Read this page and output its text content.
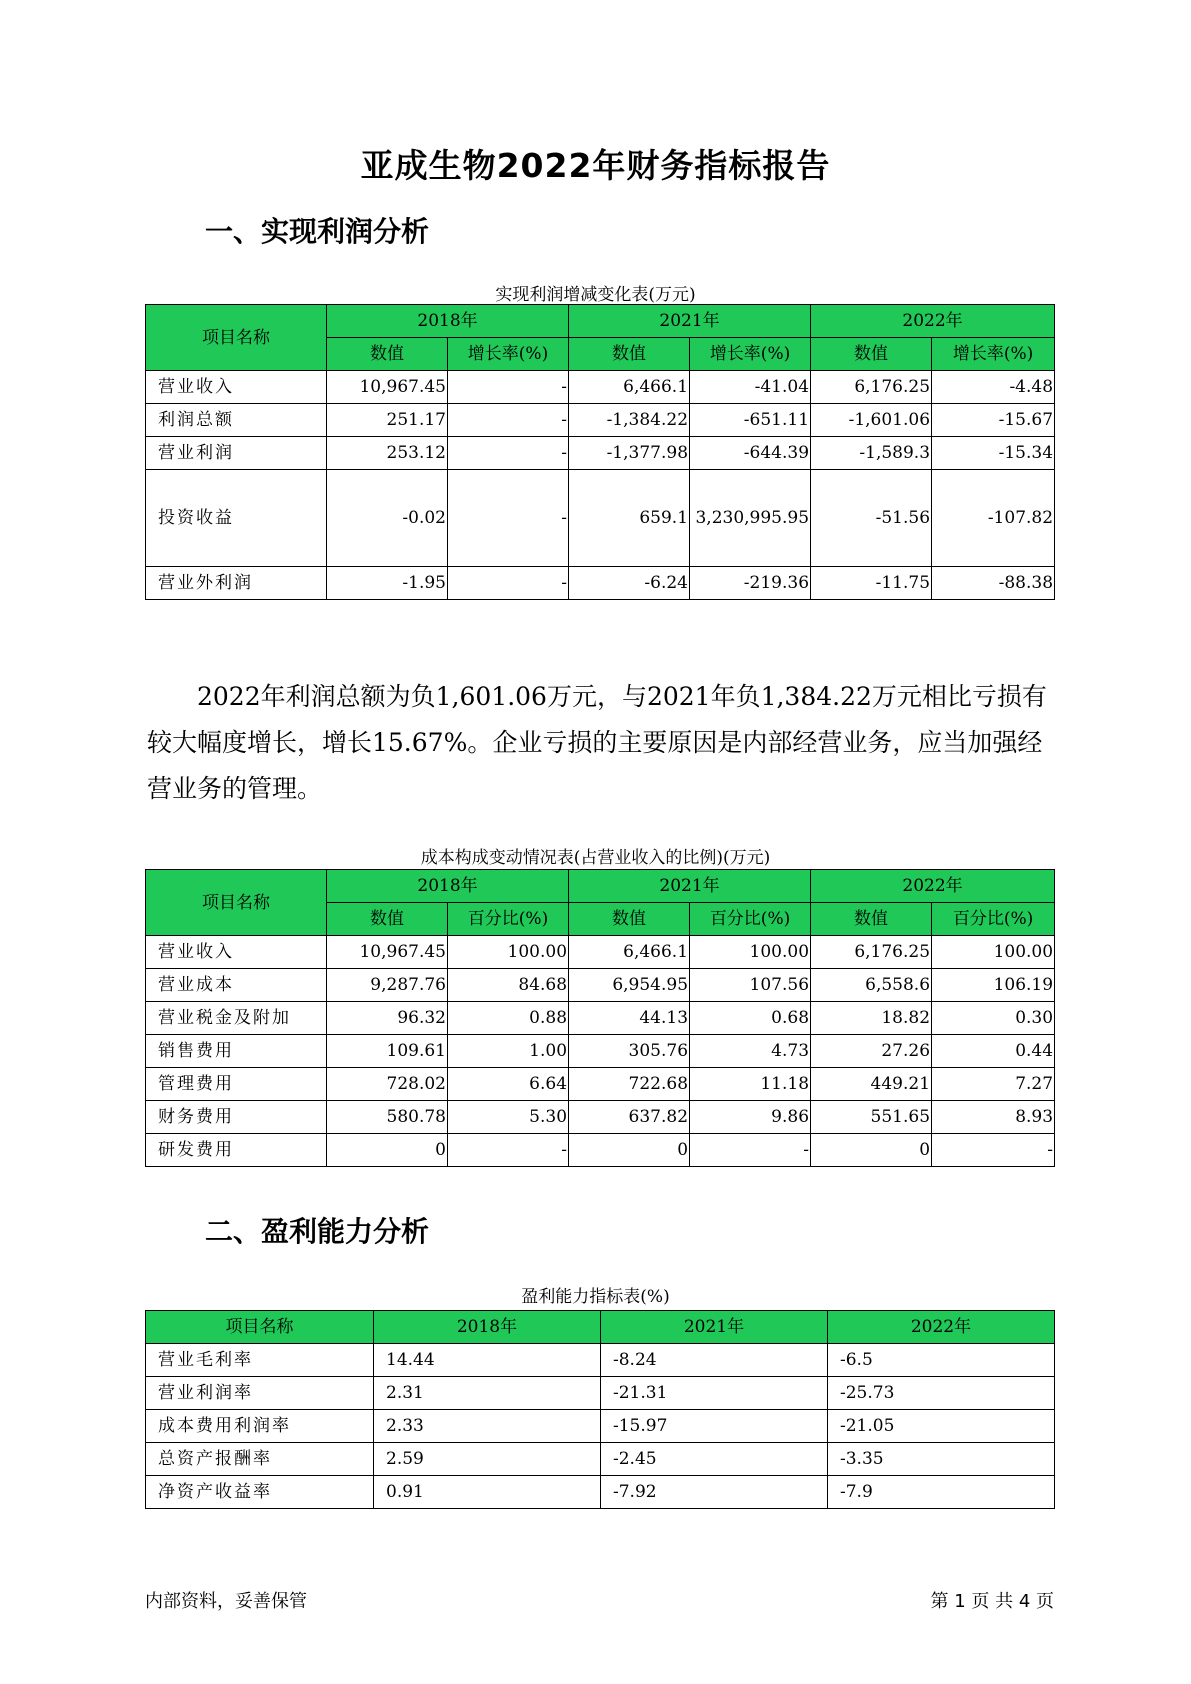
亚成生物2022年财务指标报告
一、实现利润分析
实现利润增减变化表(万元)
项目名称	2018年		2021年		2022年	
	数值	增长率(%)	数值	增长率(%)	数值	增长率(%)
营业收入	10,967.45	-	6,466.1	-41.04	6,176.25	-4.48
利润总额	251.17	-	-1,384.22	-651.11	-1,601.06	-15.67
营业利润	253.12	-	-1,377.98	-644.39	-1,589.3	-15.34
投资收益	-0.02	-	659.1	3,230,995.95	-51.56	-107.82
营业外利润	-1.95	-	-6.24	-219.36	-11.75	-88.38

2022年利润总额为负1,601.06万元，与2021年负1,384.22万元相比亏损有较大幅度增长，增长15.67%。企业亏损的主要原因是内部经营业务，应当加强经营业务的管理。

成本构成变动情况表(占营业收入的比例)(万元)
项目名称	2018年		2021年		2022年	
	数值	百分比(%)	数值	百分比(%)	数值	百分比(%)
营业收入	10,967.45	100.00	6,466.1	100.00	6,176.25	100.00
营业成本	9,287.76	84.68	6,954.95	107.56	6,558.6	106.19
营业税金及附加	96.32	0.88	44.13	0.68	18.82	0.30
销售费用	109.61	1.00	305.76	4.73	27.26	0.44
管理费用	728.02	6.64	722.68	11.18	449.21	7.27
财务费用	580.78	5.30	637.82	9.86	551.65	8.93
研发费用	0	-	0	-	0	-
二、盈利能力分析
盈利能力指标表(%)
项目名称	2018年	2021年	2022年
营业毛利率	14.44	-8.24	-6.5
营业利润率	2.31	-21.31	-25.73
成本费用利润率	2.33	-15.97	-21.05
总资产报酬率	2.59	-2.45	-3.35
净资产收益率	0.91	-7.92	-7.9
内部资料，妥善保管	第 1 页 共 4 页
